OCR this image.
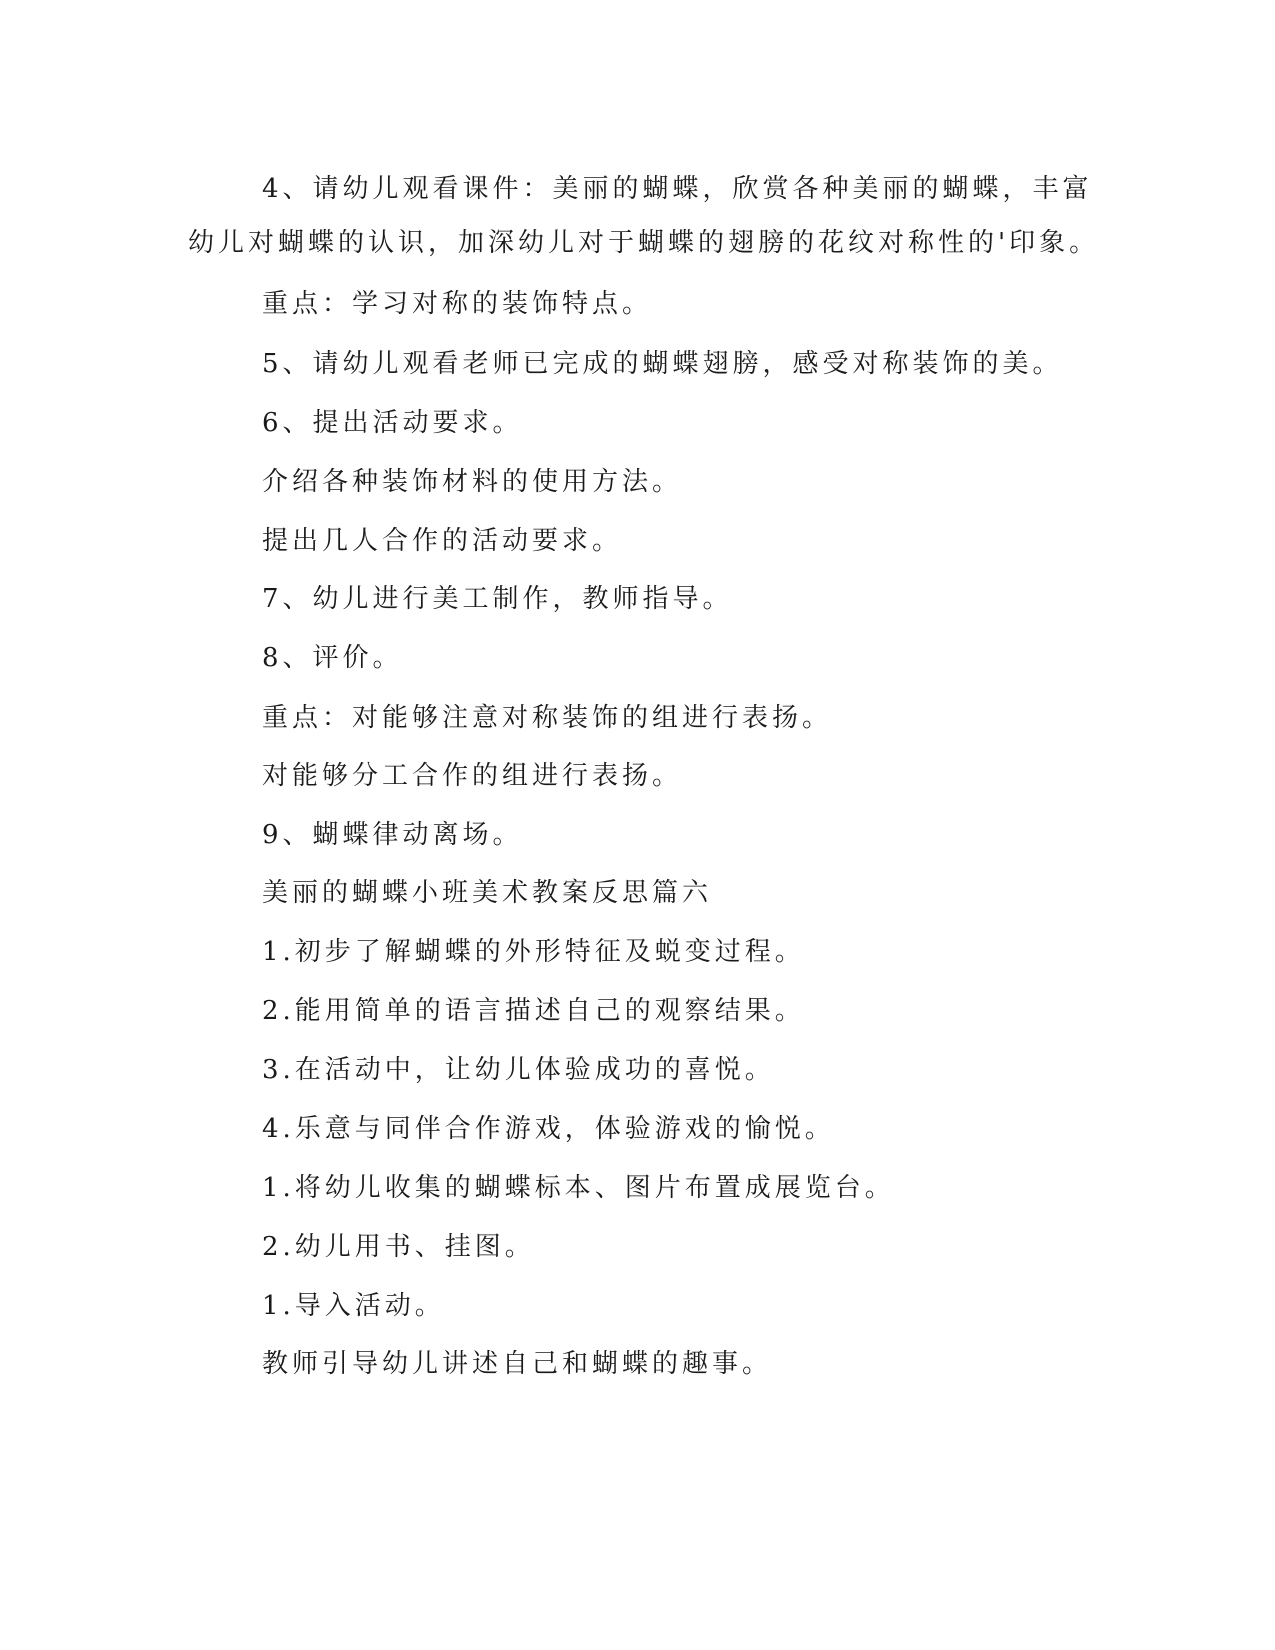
4、请幼儿观看课件：美丽的蝴蝶，欣赏各种美丽的蝴蝶，丰富
幼儿对蝴蝶的认识，加深幼儿对于蝴蝶的翅膀的花纹对称性的'印象。
重点：学习对称的装饰特点。
5、请幼儿观看老师已完成的蝴蝶翅膀，感受对称装饰的美。
6、提出活动要求。
介绍各种装饰材料的使用方法。
提出几人合作的活动要求。
7、幼儿进行美工制作，教师指导。
8、评价。
重点：对能够注意对称装饰的组进行表扬。
对能够分工合作的组进行表扬。
9、蝴蝶律动离场。
美丽的蝴蝶小班美术教案反思篇六
1.初步了解蝴蝶的外形特征及蜕变过程。
2.能用简单的语言描述自己的观察结果。
3.在活动中，让幼儿体验成功的喜悦。
4.乐意与同伴合作游戏，体验游戏的愉悦。
1.将幼儿收集的蝴蝶标本、图片布置成展览台。
2.幼儿用书、挂图。
1.导入活动。
教师引导幼儿讲述自己和蝴蝶的趣事。
